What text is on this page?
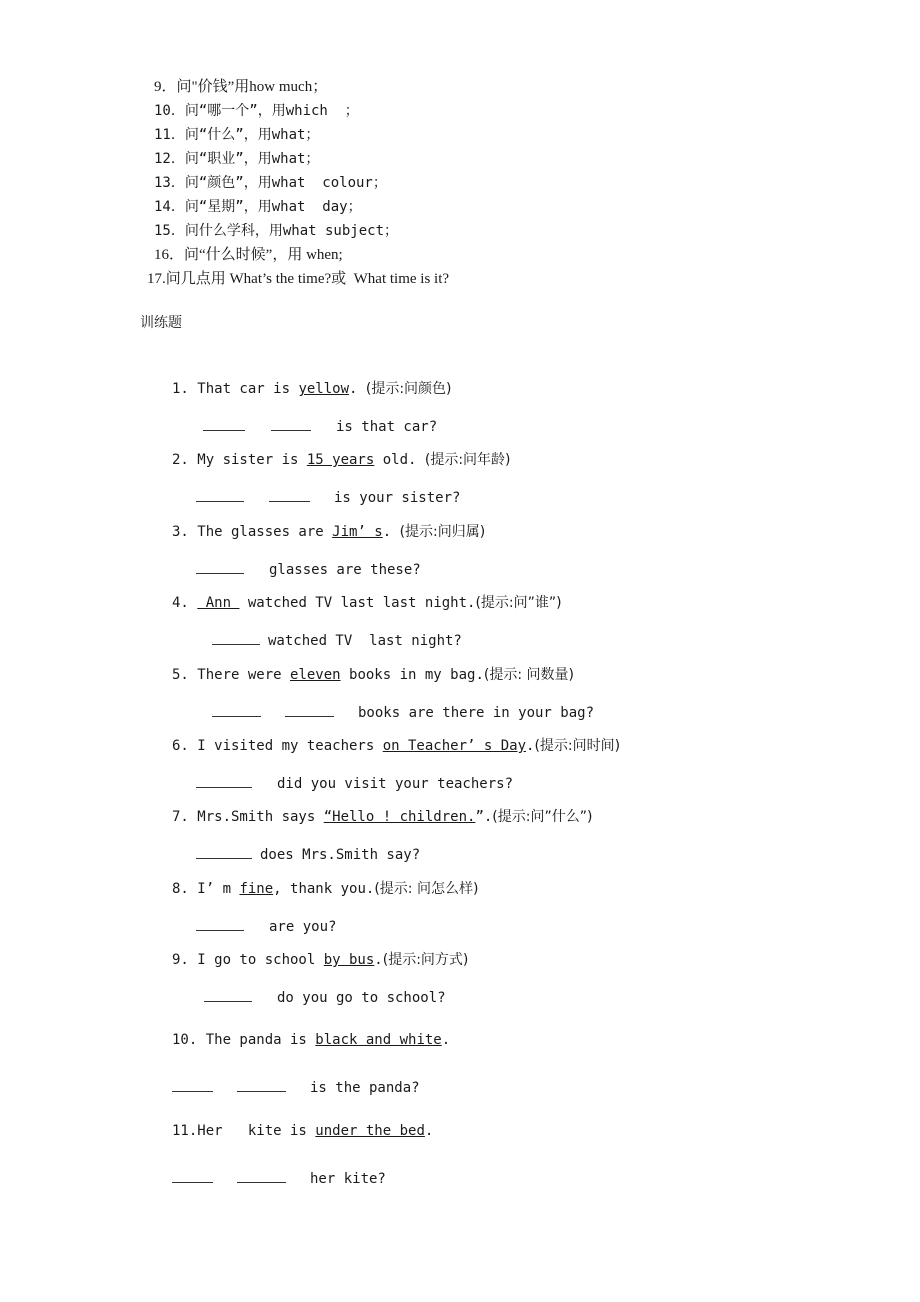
9．问"价钱”用how much；
10．问“哪一个”，用which  ；
11．问“什么”，用what；
12．问“职业”，用what；
13．问“颜色”，用what  colour；
14．问“星期”，用what  day；
15．问什么学科，用what subject；
16．问“什么时候”，用 when;
17.问几点用 What’s the time?或  What time is it?
训练题

1. That car is yellow. (提示:问颜色)

is that car?

2. My sister is 15 years old. (提示:问年龄)

is your sister?

3. The glasses are Jim’ s. (提示:问归属)

glasses are these?

4.  Ann  watched TV last last night.(提示:问”谁”)

watched TV  last night?

5. There were eleven books in my bag.(提示: 问数量)

books are there in your bag?

6. I visited my teachers on Teacher’ s Day.(提示:问时间)

did you visit your teachers?

7. Mrs.Smith says “Hello ! children.”.(提示:问”什么”)

does Mrs.Smith say?

8. I’ m fine, thank you.(提示: 问怎么样)

are you?

9. I go to school by bus.(提示:问方式)

do you go to school?

10. The panda is black and white.

is the panda?

11.Her   kite is under the bed.

her kite?
